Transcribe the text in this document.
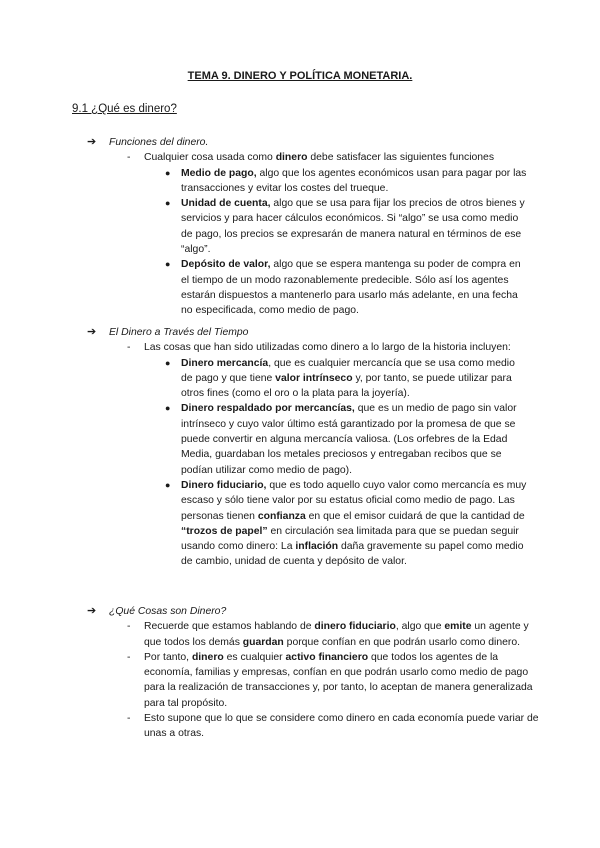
TEMA 9. DINERO Y POLÍTICA MONETARIA.
9.1 ¿Qué es dinero?
➔ Funciones del dinero.
- Cualquier cosa usada como dinero debe satisfacer las siguientes funciones
● Medio de pago, algo que los agentes económicos usan para pagar por las transacciones y evitar los costes del trueque.
● Unidad de cuenta, algo que se usa para fijar los precios de otros bienes y servicios y para hacer cálculos económicos. Si “algo” se usa como medio de pago, los precios se expresarán de manera natural en términos de ese “algo”.
● Depósito de valor, algo que se espera mantenga su poder de compra en el tiempo de un modo razonablemente predecible. Sólo así los agentes estarán dispuestos a mantenerlo para usarlo más adelante, en una fecha no especificada, como medio de pago.
➔ El Dinero a Través del Tiempo
- Las cosas que han sido utilizadas como dinero a lo largo de la historia incluyen:
● Dinero mercancía, que es cualquier mercancía que se usa como medio de pago y que tiene valor intrínseco y, por tanto, se puede utilizar para otros fines (como el oro o la plata para la joyería).
● Dinero respaldado por mercancías, que es un medio de pago sin valor intrínseco y cuyo valor último está garantizado por la promesa de que se puede convertir en alguna mercancía valiosa. (Los orfebres de la Edad Media, guardaban los metales preciosos y entregaban recibos que se podían utilizar como medio de pago).
● Dinero fiduciario, que es todo aquello cuyo valor como mercancía es muy escaso y sólo tiene valor por su estatus oficial como medio de pago. Las personas tienen confianza en que el emisor cuidará de que la cantidad de “trozos de papel” en circulación sea limitada para que se puedan seguir usando como dinero: La inflación daña gravemente su papel como medio de cambio, unidad de cuenta y depósito de valor.
➔ ¿Qué Cosas son Dinero?
- Recuerde que estamos hablando de dinero fiduciario, algo que emite un agente y que todos los demás guardan porque confían en que podrán usarlo como dinero.
- Por tanto, dinero es cualquier activo financiero que todos los agentes de la economía, familias y empresas, confían en que podrán usarlo como medio de pago para la realización de transacciones y, por tanto, lo aceptan de manera generalizada para tal propósito.
- Esto supone que lo que se considere como dinero en cada economía puede variar de unas a otras.
